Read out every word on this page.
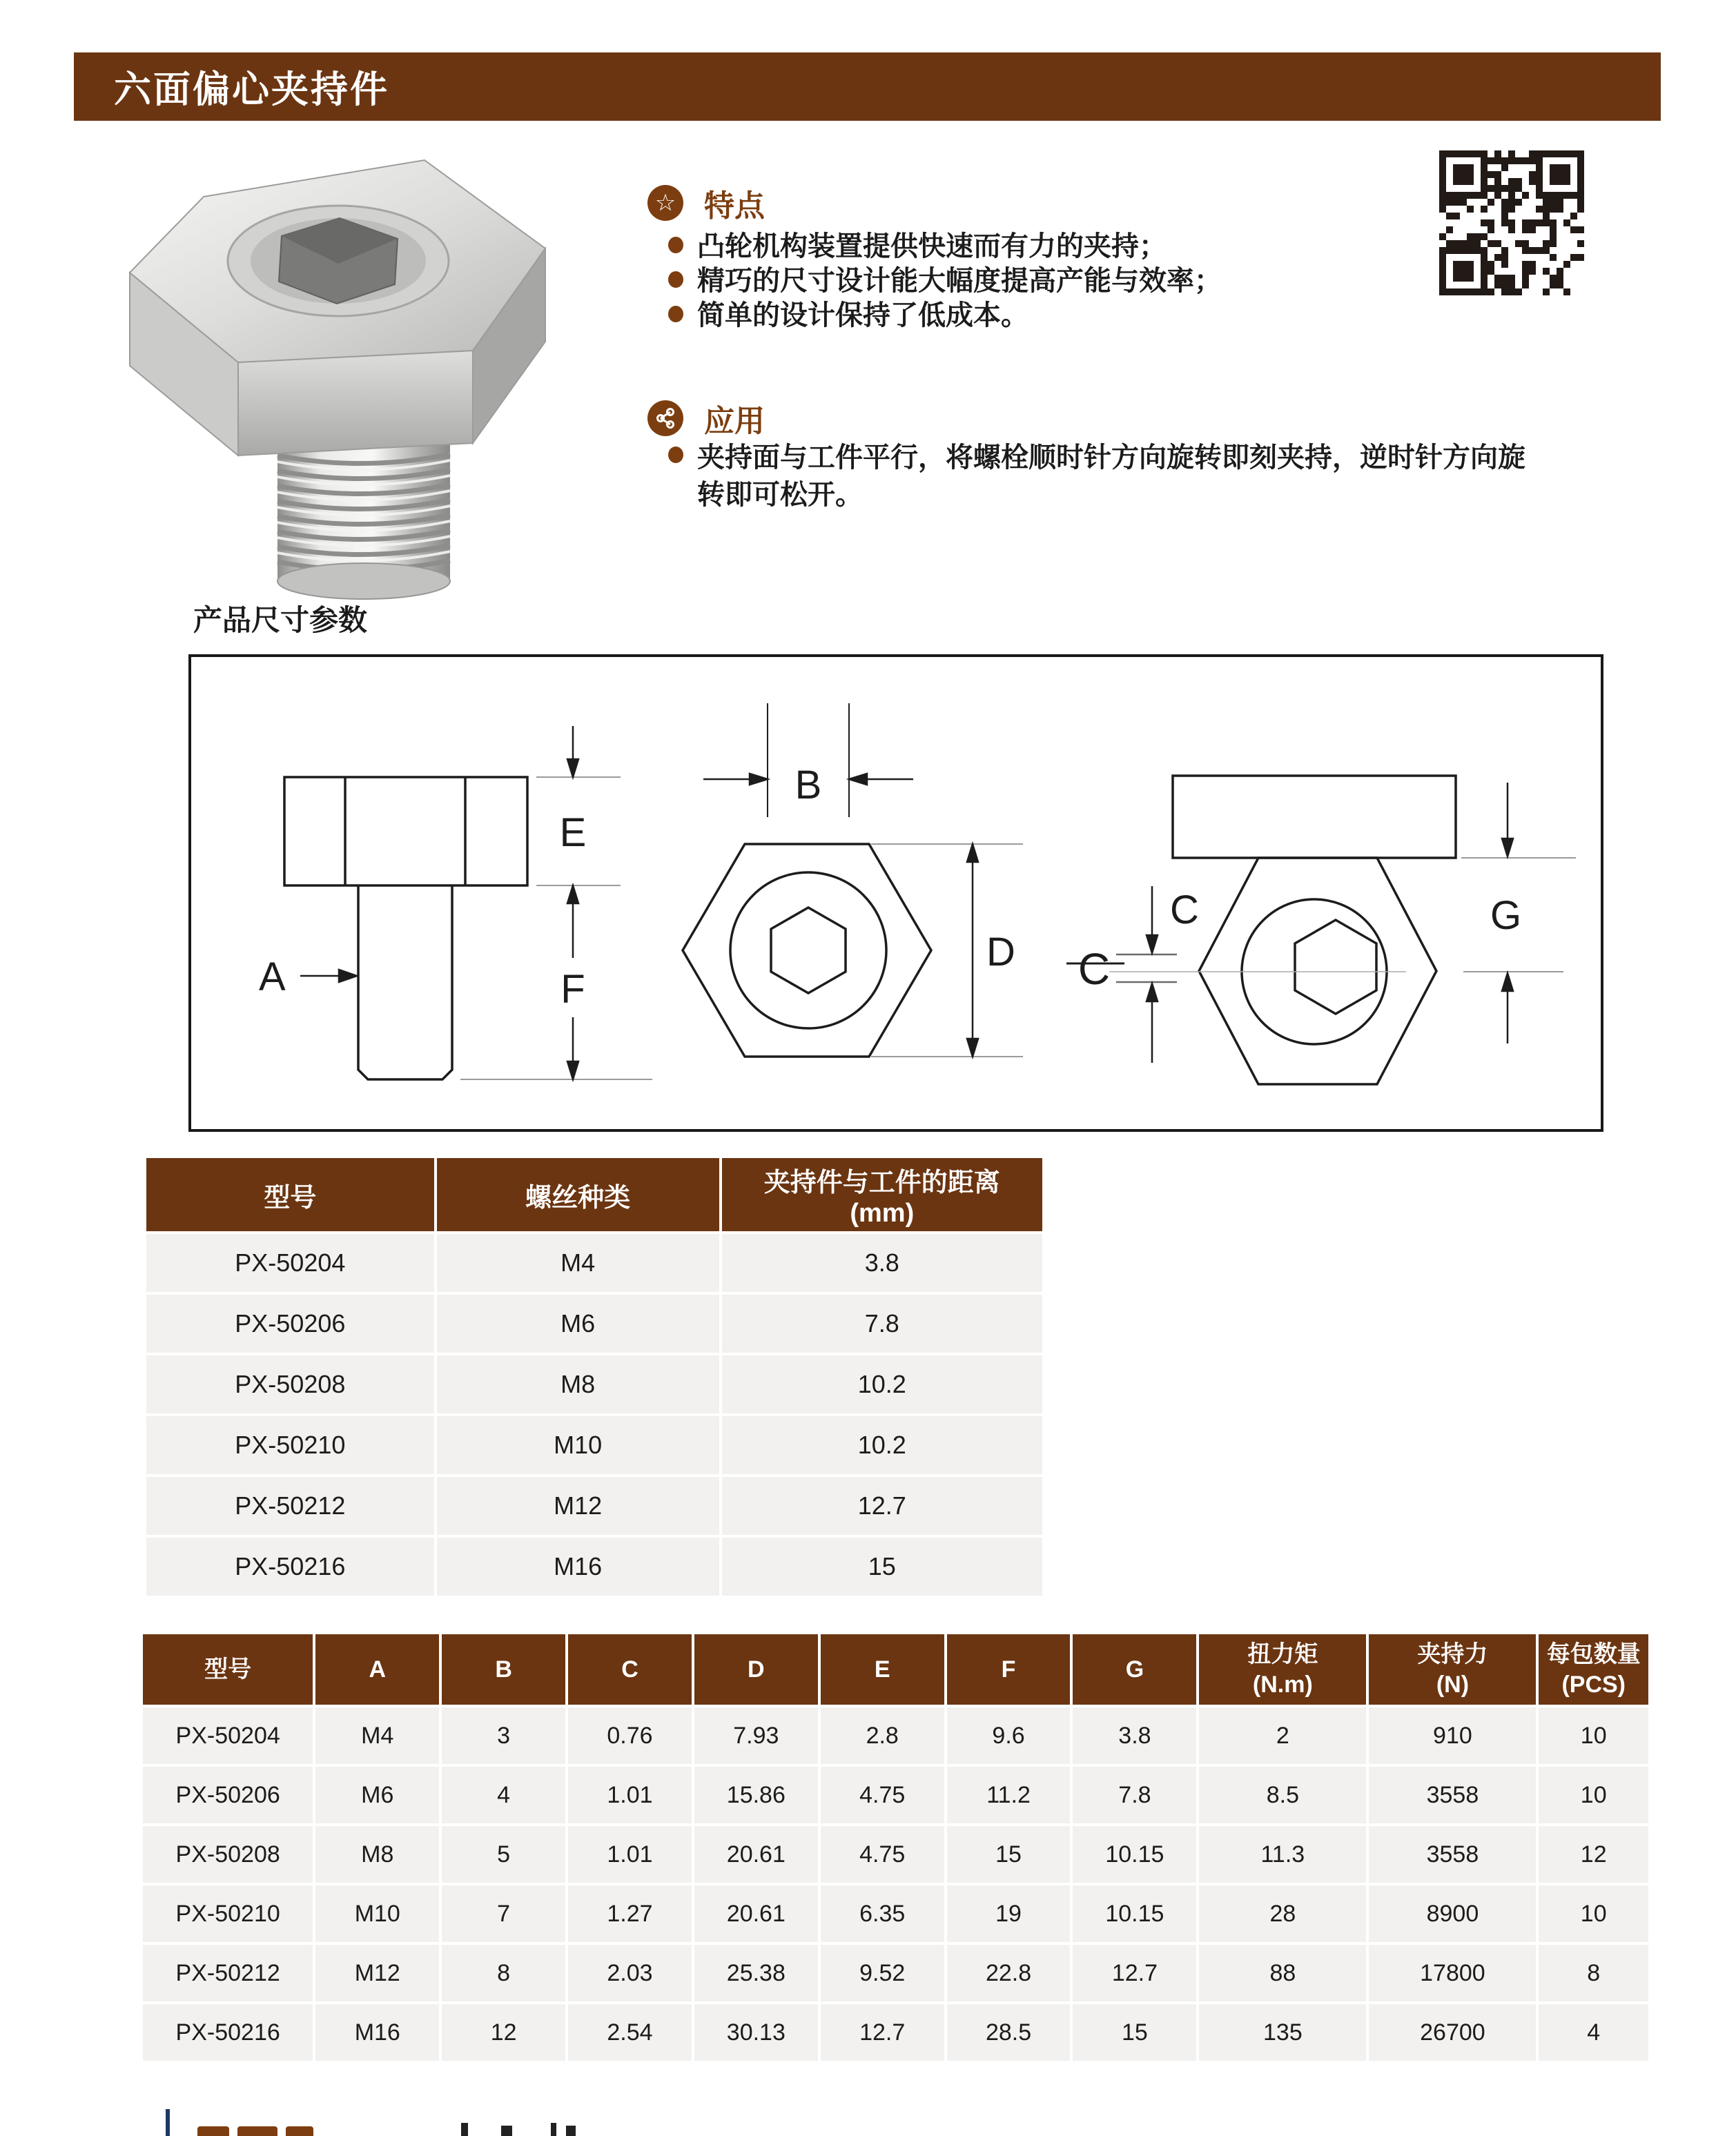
六面偏心夹持件
☆ 特点
凸轮机构装置提供快速而有力的夹持；
精巧的尺寸设计能大幅度提高产能与效率；
简单的设计保持了低成本。
应用
夹持面与工件平行，将螺栓顺时针方向旋转即刻夹持，逆时针方向旋转即可松开。
产品尺寸参数
A
E
F
B
D C
C	G
型号	螺丝种类	夹持件与工件的距离
(mm)
PX-50204	M4	3.8
PX-50206	M6	7.8
PX-50208	M8	10.2
PX-50210	M10	10.2
PX-50212	M12	12.7
PX-50216	M16	15
型号	A	B	C	D	E	F	G	扭力矩
(N.m)	夹持力
(N)	每包数量
(PCS)
PX-50204	M4	3	0.76	7.93	2.8	9.6	3.8	2	910	10
PX-50206	M6	4	1.01	15.86	4.75	11.2	7.8	8.5	3558	10
PX-50208	M8	5	1.01	20.61	4.75	15	10.15	11.3	3558	12
PX-50210	M10	7	1.27	20.61	6.35	19	10.15	28	8900	10
PX-50212	M12	8	2.03	25.38	9.52	22.8	12.7	88	17800	8
PX-50216	M16	12	2.54	30.13	12.7	28.5	15	135	26700	4
